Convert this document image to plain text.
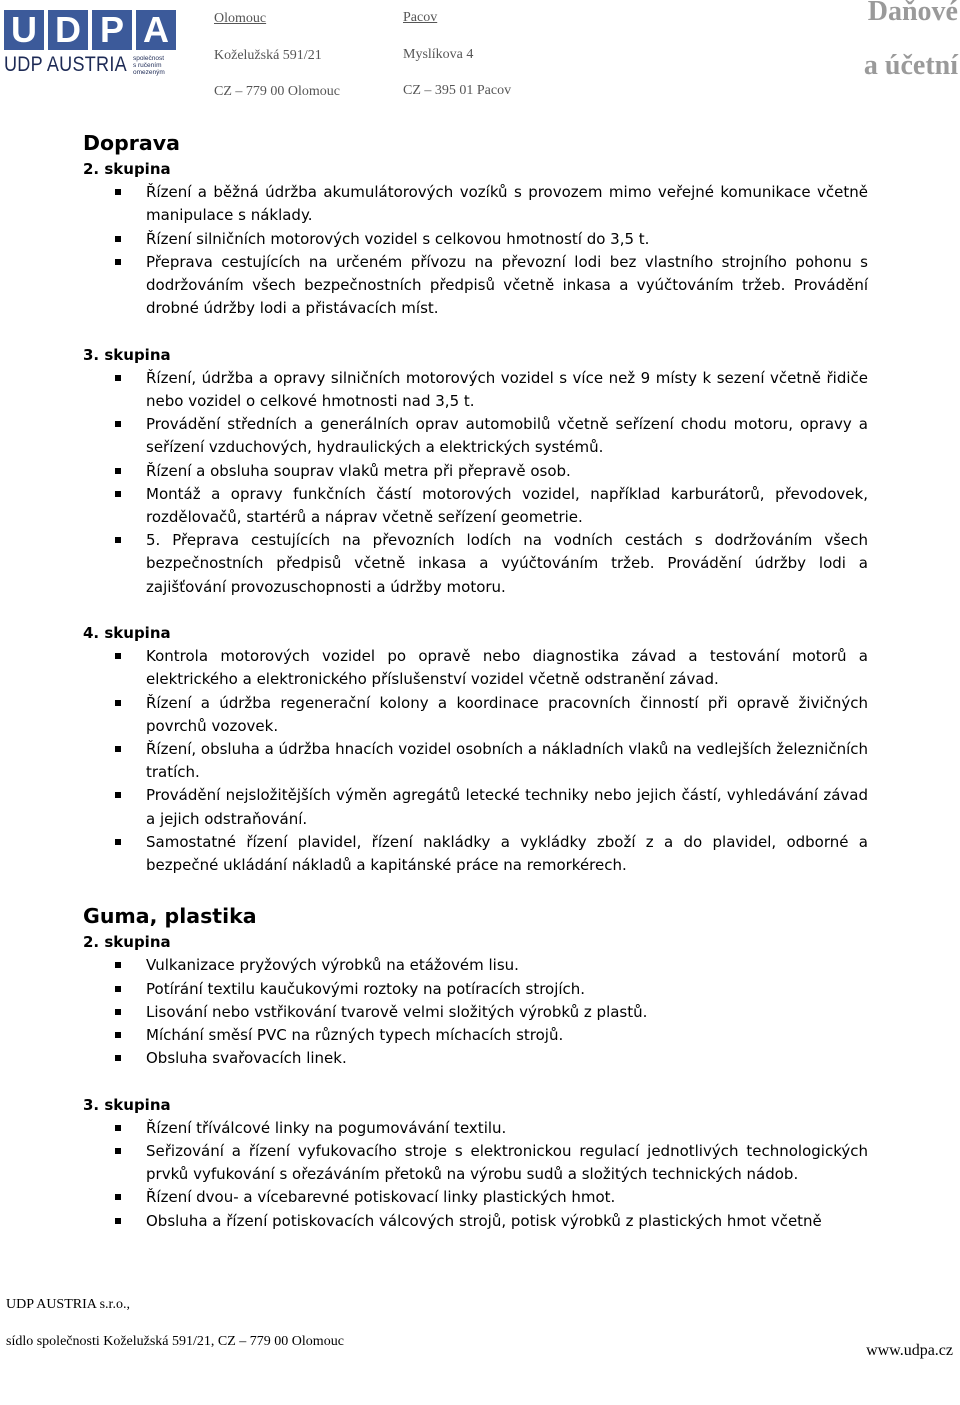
U D P A
UDP AUSTRIA společnost
s ručením
omezeným
Olomouc
Koželužská 591/21
CZ – 779 00 Olomouc
Pacov
Myslíkova 4
CZ – 395 01 Pacov
Daňové
a účetní
Doprava
2. skupina
Řízení a běžná údržba akumulátorových vozíků s provozem mimo veřejné komunikace včetně manipulace s náklady.
Řízení silničních motorových vozidel s celkovou hmotností do 3,5 t.
Přeprava cestujících na určeném přívozu na převozní lodi bez vlastního strojního pohonu s dodržováním všech bezpečnostních předpisů včetně inkasa a vyúčtováním tržeb. Provádění drobné údržby lodi a přistávacích míst.
3. skupina
Řízení, údržba a opravy silničních motorových vozidel s více než 9 místy k sezení včetně řidiče nebo vozidel o celkové hmotnosti nad 3,5 t.
Provádění středních a generálních oprav automobilů včetně seřízení chodu motoru, opravy a seřízení vzduchových, hydraulických a elektrických systémů.
Řízení a obsluha souprav vlaků metra při přepravě osob.
Montáž a opravy funkčních částí motorových vozidel, například karburátorů, převodovek, rozdělovačů, startérů a náprav včetně seřízení geometrie.
5. Přeprava cestujících na převozních lodích na vodních cestách s dodržováním všech bezpečnostních předpisů včetně inkasa a vyúčtováním tržeb. Provádění údržby lodi a zajišťování provozuschopnosti a údržby motoru.
4. skupina
Kontrola motorových vozidel po opravě nebo diagnostika závad a testování motorů a elektrického a elektronického příslušenství vozidel včetně odstranění závad.
Řízení a údržba regenerační kolony a koordinace pracovních činností při opravě živičných povrchů vozovek.
Řízení, obsluha a údržba hnacích vozidel osobních a nákladních vlaků na vedlejších železničních tratích.
Provádění nejsložitějších výměn agregátů letecké techniky nebo jejich částí, vyhledávání závad a jejich odstraňování.
Samostatné řízení plavidel, řízení nakládky a vykládky zboží z a do plavidel, odborné a bezpečné ukládání nákladů a kapitánské práce na remorkérech.
Guma, plastika
2. skupina
Vulkanizace pryžových výrobků na etážovém lisu.
Potírání textilu kaučukovými roztoky na potíracích strojích.
Lisování nebo vstřikování tvarově velmi složitých výrobků z plastů.
Míchání směsí PVC na různých typech míchacích strojů.
Obsluha svařovacích linek.
3. skupina
Řízení tříválcové linky na pogumovávání textilu.
Seřizování a řízení vyfukovacího stroje s elektronickou regulací jednotlivých technologických prvků vyfukování s ořezáváním přetoků na výrobu sudů a složitých technických nádob.
Řízení dvou- a vícebarevné potiskovací linky plastických hmot.
Obsluha a řízení potiskovacích válcových strojů, potisk výrobků z plastických hmot včetně
UDP AUSTRIA s.r.o.,
sídlo společnosti Koželužská 591/21, CZ – 779 00 Olomouc
www.udpa.cz
